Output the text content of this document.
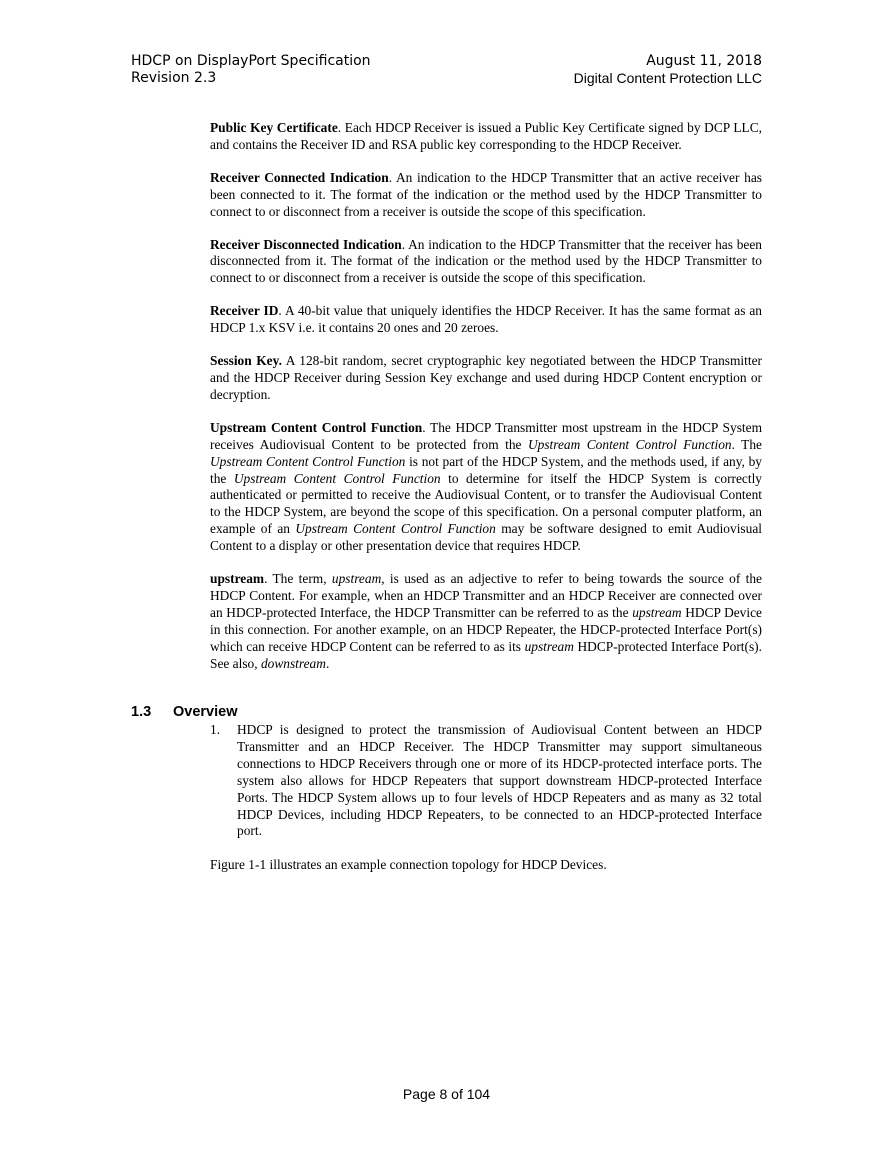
HDCP on DisplayPort Specification
Revision 2.3
August 11, 2018
Digital Content Protection LLC

Public Key Certificate. Each HDCP Receiver is issued a Public Key Certificate signed by DCP LLC, and contains the Receiver ID and RSA public key corresponding to the HDCP Receiver.

Receiver Connected Indication. An indication to the HDCP Transmitter that an active receiver has been connected to it. The format of the indication or the method used by the HDCP Transmitter to connect to or disconnect from a receiver is outside the scope of this specification.

Receiver Disconnected Indication. An indication to the HDCP Transmitter that the receiver has been disconnected from it. The format of the indication or the method used by the HDCP Transmitter to connect to or disconnect from a receiver is outside the scope of this specification.

Receiver ID. A 40-bit value that uniquely identifies the HDCP Receiver. It has the same format as an HDCP 1.x KSV i.e. it contains 20 ones and 20 zeroes.

Session Key. A 128-bit random, secret cryptographic key negotiated between the HDCP Transmitter and the HDCP Receiver during Session Key exchange and used during HDCP Content encryption or decryption.

Upstream Content Control Function. The HDCP Transmitter most upstream in the HDCP System receives Audiovisual Content to be protected from the Upstream Content Control Function. The Upstream Content Control Function is not part of the HDCP System, and the methods used, if any, by the Upstream Content Control Function to determine for itself the HDCP System is correctly authenticated or permitted to receive the Audiovisual Content, or to transfer the Audiovisual Content to the HDCP System, are beyond the scope of this specification. On a personal computer platform, an example of an Upstream Content Control Function may be software designed to emit Audiovisual Content to a display or other presentation device that requires HDCP.

upstream. The term, upstream, is used as an adjective to refer to being towards the source of the HDCP Content. For example, when an HDCP Transmitter and an HDCP Receiver are connected over an HDCP-protected Interface, the HDCP Transmitter can be referred to as the upstream HDCP Device in this connection. For another example, on an HDCP Repeater, the HDCP-protected Interface Port(s) which can receive HDCP Content can be referred to as its upstream HDCP-protected Interface Port(s). See also, downstream.

1.3 Overview
1. HDCP is designed to protect the transmission of Audiovisual Content between an HDCP Transmitter and an HDCP Receiver. The HDCP Transmitter may support simultaneous connections to HDCP Receivers through one or more of its HDCP-protected interface ports. The system also allows for HDCP Repeaters that support downstream HDCP-protected Interface Ports. The HDCP System allows up to four levels of HDCP Repeaters and as many as 32 total HDCP Devices, including HDCP Repeaters, to be connected to an HDCP-protected Interface port.
Figure 1-1 illustrates an example connection topology for HDCP Devices.
Page 8 of 104
